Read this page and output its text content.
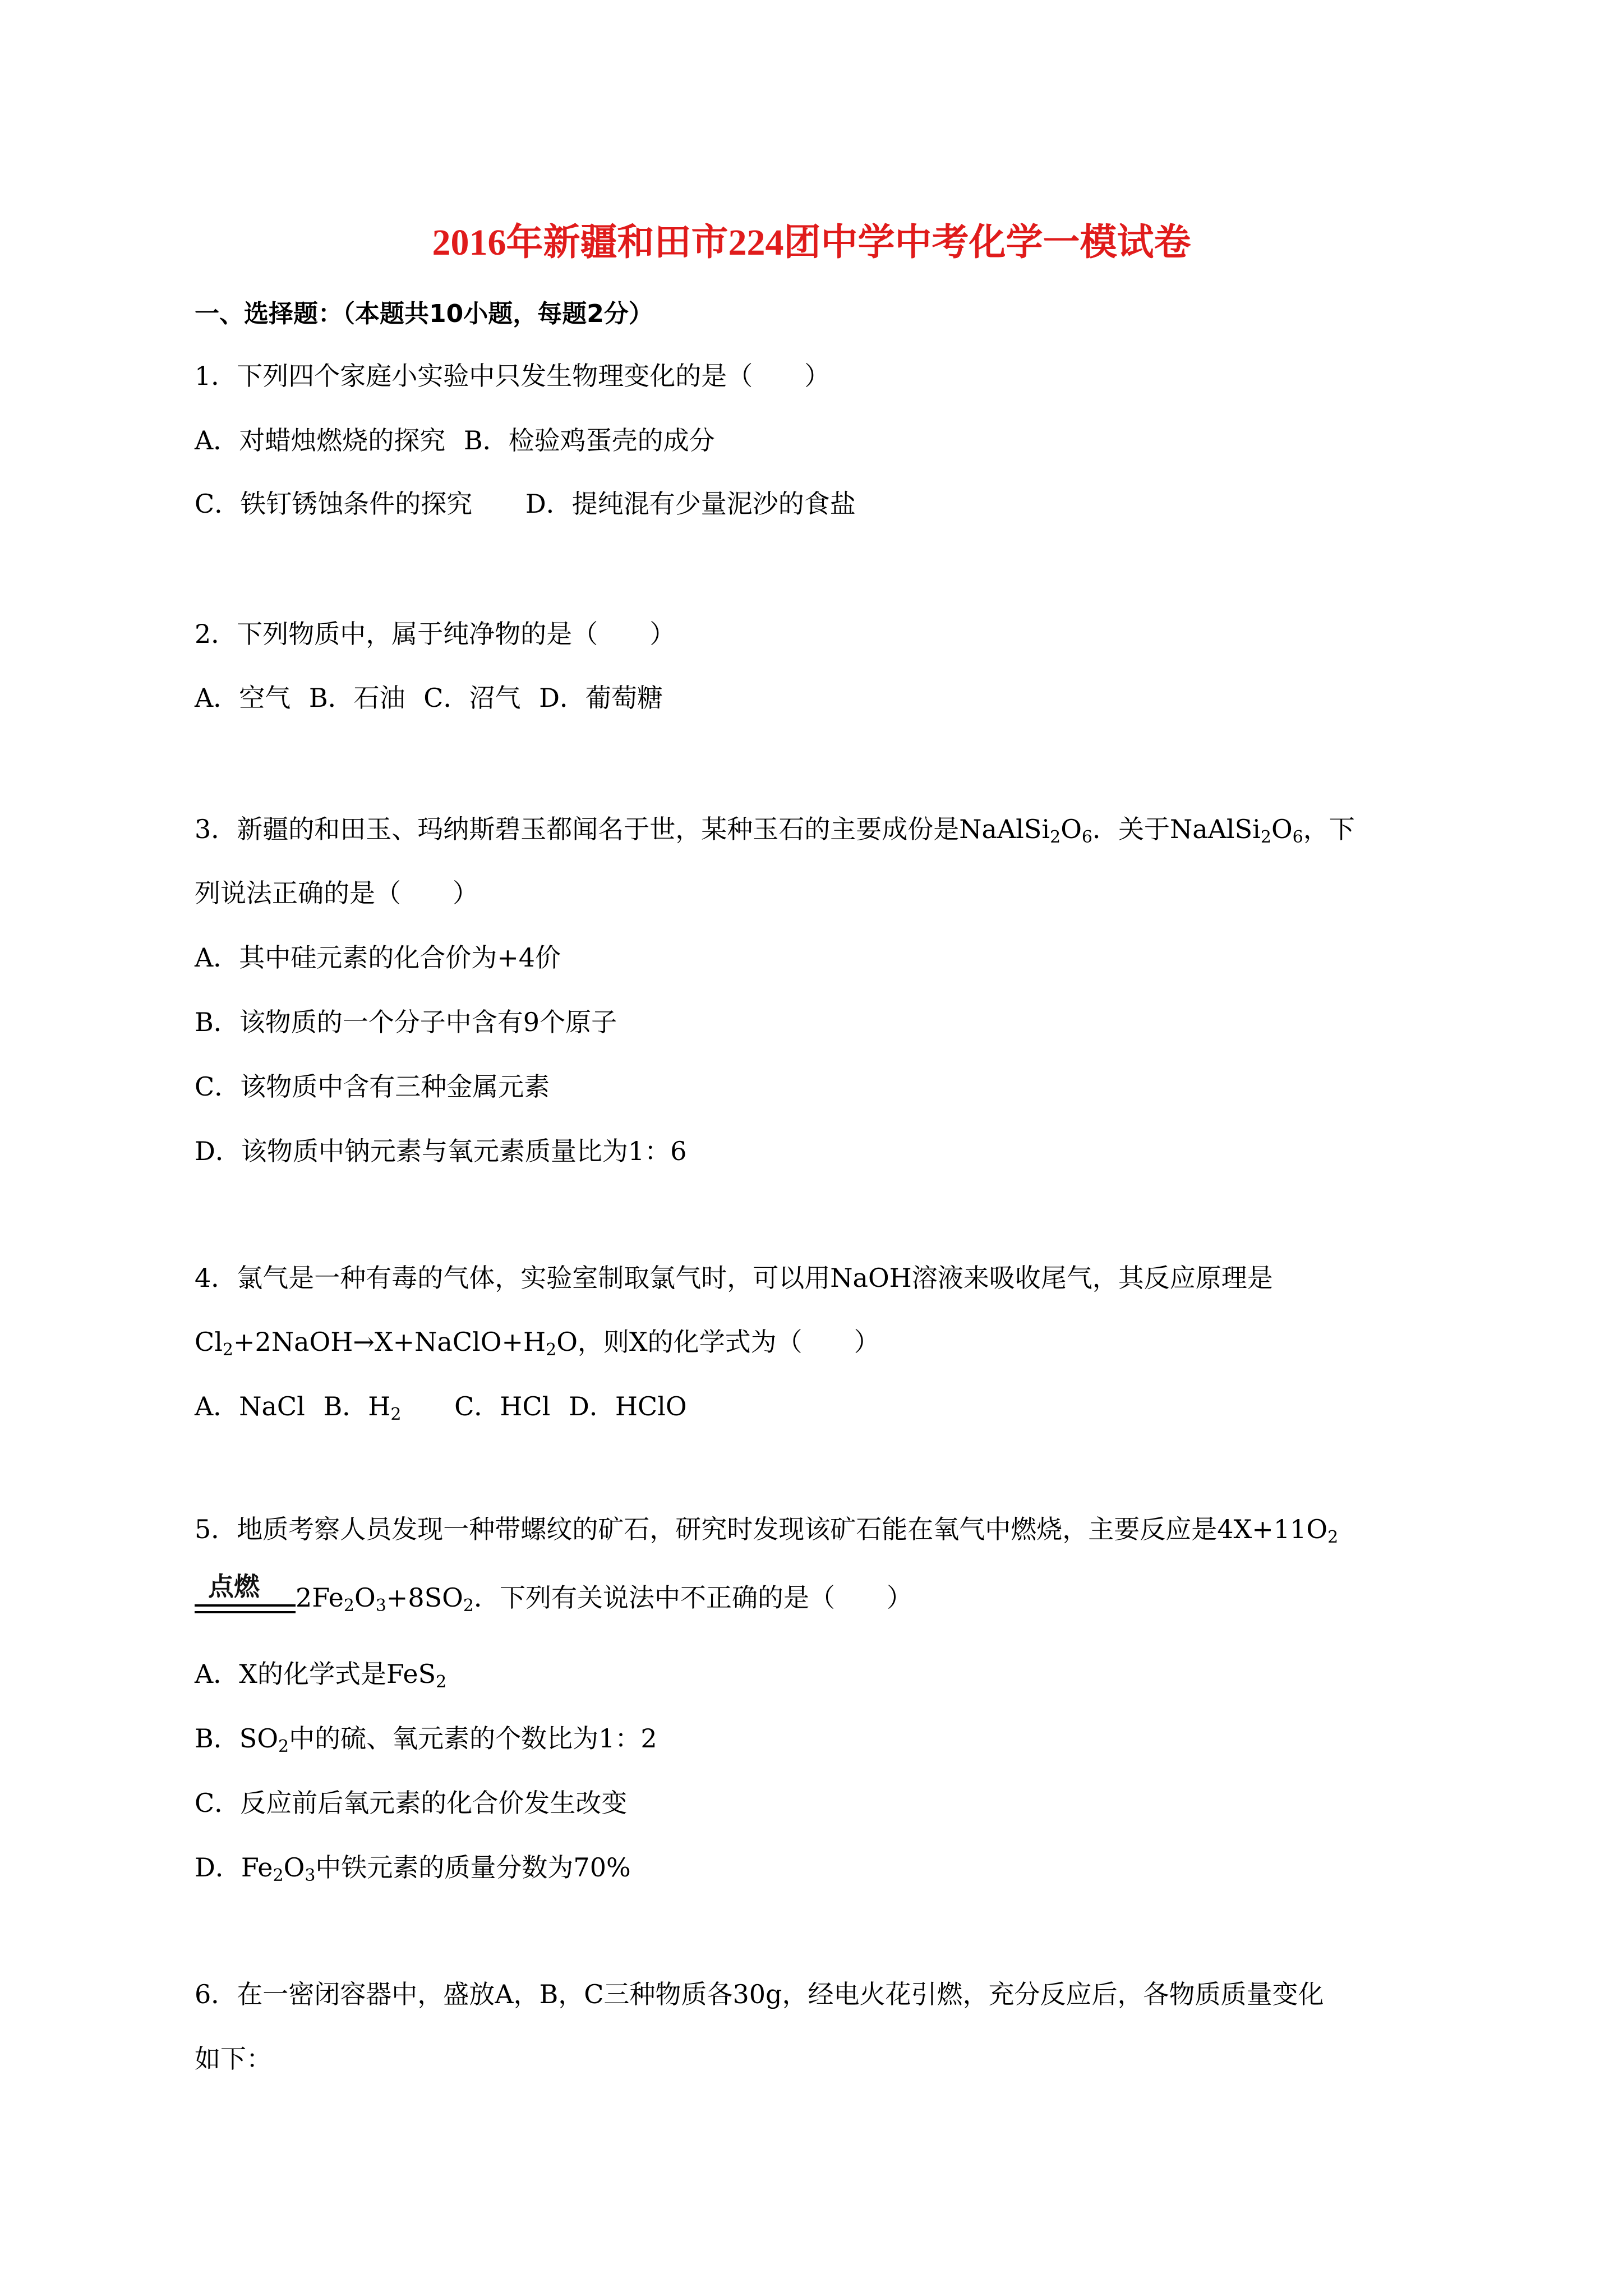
2016年新疆和田市224团中学中考化学一模试卷
一、选择题：（本题共10小题，每题2分）
1．下列四个家庭小实验中只发生物理变化的是（　　）
A．对蜡烛燃烧的探究 B．检验鸡蛋壳的成分
C．铁钉锈蚀条件的探究 D．提纯混有少量泥沙的食盐
2．下列物质中，属于纯净物的是（　　）
A．空气 B．石油 C．沼气 D．葡萄糖
3．新疆的和田玉、玛纳斯碧玉都闻名于世，某种玉石的主要成份是$NaAlSi_2O_6$．关于$NaAlSi_2O_6$，下
列说法正确的是（　　）
A．其中硅元素的化合价为+4价
B．该物质的一个分子中含有9个原子
C．该物质中含有三种金属元素
D．该物质中钠元素与氧元素质量比为1：6
4．氯气是一种有毒的气体，实验室制取氯气时，可以用NaOH溶液来吸收尾气，其反应原理是
$Cl_2+2NaOH\to X+NaClO+H_2O$，则X的化学式为（　　）
A．NaCl B．$H_2$ C．HCl D．HClO
5．地质考察人员发现一种带螺纹的矿石，研究时发现该矿石能在氧气中燃烧，主要反应是$4X+11O_2$
点燃 $2Fe_2O_3+8SO_2$．下列有关说法中不正确的是（　　）
A．X的化学式是FeS$_2$
B．$SO_2$中的硫、氧元素的个数比为1：2
C．反应前后氧元素的化合价发生改变
D．$Fe_2O_3$中铁元素的质量分数为70%
6．在一密闭容器中，盛放A，B，C三种物质各30g，经电火花引燃，充分反应后，各物质质量变化
如下：
